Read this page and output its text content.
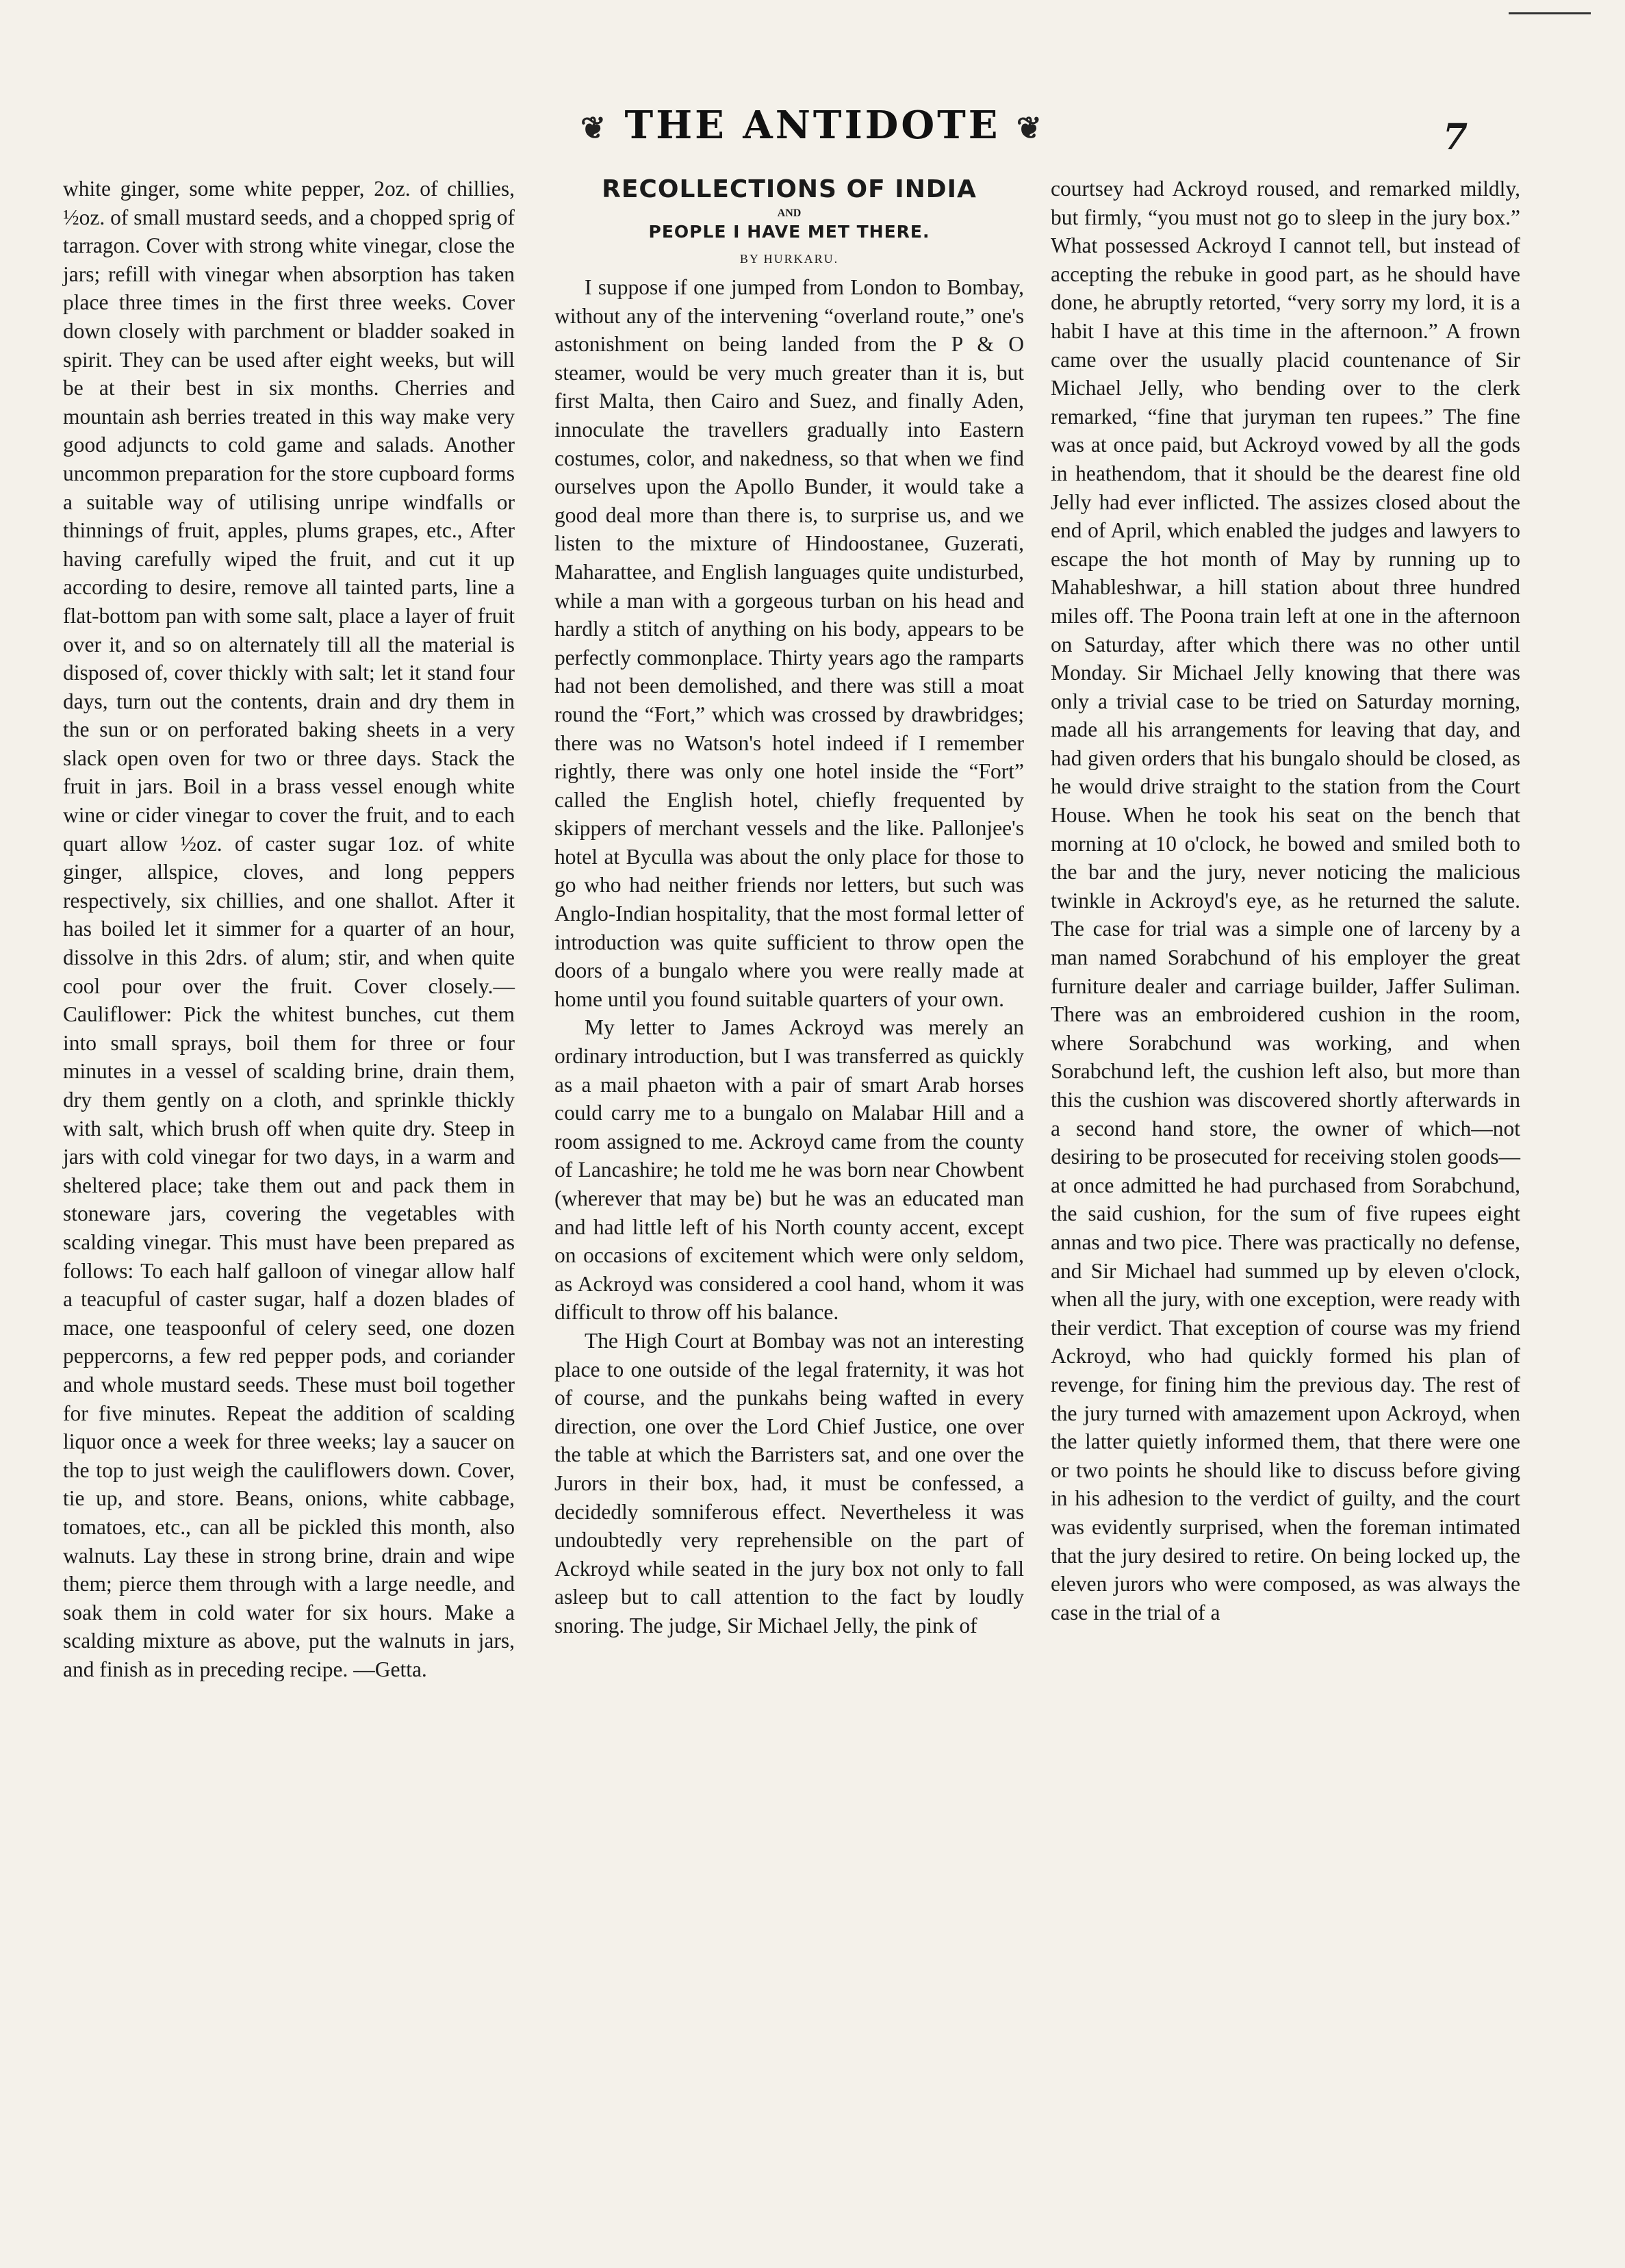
❦ THE ANTIDOTE ❦	7

white ginger, some white pepper, 2oz. of chillies, ½oz. of small mustard seeds, and a chopped sprig of tarragon. Cover with strong white vinegar, close the jars; refill with vinegar when absorption has taken place three times in the first three weeks. Cover down closely with parchment or bladder soaked in spirit. They can be used after eight weeks, but will be at their best in six months. Cherries and mountain ash berries treated in this way make very good adjuncts to cold game and salads. Another uncommon preparation for the store cupboard forms a suitable way of utilising unripe windfalls or thinnings of fruit, apples, plums grapes, etc., After having carefully wiped the fruit, and cut it up according to desire, remove all tainted parts, line a flat-bottom pan with some salt, place a layer of fruit over it, and so on alternately till all the material is disposed of, cover thickly with salt; let it stand four days, turn out the contents, drain and dry them in the sun or on perforated baking sheets in a very slack open oven for two or three days. Stack the fruit in jars. Boil in a brass vessel enough white wine or cider vinegar to cover the fruit, and to each quart allow ½oz. of caster sugar 1oz. of white ginger, allspice, cloves, and long peppers respectively, six chillies, and one shallot. After it has boiled let it simmer for a quarter of an hour, dissolve in this 2drs. of alum; stir, and when quite cool pour over the fruit. Cover closely.—Cauliflower: Pick the whitest bunches, cut them into small sprays, boil them for three or four minutes in a vessel of scalding brine, drain them, dry them gently on a cloth, and sprinkle thickly with salt, which brush off when quite dry. Steep in jars with cold vinegar for two days, in a warm and sheltered place; take them out and pack them in stoneware jars, covering the vegetables with scalding vinegar. This must have been prepared as follows: To each half galloon of vinegar allow half a teacupful of caster sugar, half a dozen blades of mace, one teaspoonful of celery seed, one dozen peppercorns, a few red pepper pods, and coriander and whole mustard seeds. These must boil together for five minutes. Repeat the addition of scalding liquor once a week for three weeks; lay a saucer on the top to just weigh the cauliflowers down. Cover, tie up, and store. Beans, onions, white cabbage, tomatoes, etc., can all be pickled this month, also walnuts. Lay these in strong brine, drain and wipe them; pierce them through with a large needle, and soak them in cold water for six hours. Make a scalding mixture as above, put the walnuts in jars, and finish as in preceding recipe. —Getta.

RECOLLECTIONS OF INDIA
AND
PEOPLE I HAVE MET THERE.
BY HURKARU.

I suppose if one jumped from London to Bombay, without any of the intervening “overland route,” one's astonishment on being landed from the P & O steamer, would be very much greater than it is, but first Malta, then Cairo and Suez, and finally Aden, innoculate the travellers gradually into Eastern costumes, color, and nakedness, so that when we find ourselves upon the Apollo Bunder, it would take a good deal more than there is, to surprise us, and we listen to the mixture of Hindoostanee, Guzerati, Maharattee, and English languages quite undisturbed, while a man with a gorgeous turban on his head and hardly a stitch of anything on his body, appears to be perfectly commonplace. Thirty years ago the ramparts had not been demolished, and there was still a moat round the “Fort,” which was crossed by drawbridges; there was no Watson's hotel indeed if I remember rightly, there was only one hotel inside the “Fort” called the English hotel, chiefly frequented by skippers of merchant vessels and the like. Pallonjee's hotel at Byculla was about the only place for those to go who had neither friends nor letters, but such was Anglo-Indian hospitality, that the most formal letter of introduction was quite sufficient to throw open the doors of a bungalo where you were really made at home until you found suitable quarters of your own.

My letter to James Ackroyd was merely an ordinary introduction, but I was transferred as quickly as a mail phaeton with a pair of smart Arab horses could carry me to a bungalo on Malabar Hill and a room assigned to me. Ackroyd came from the county of Lancashire; he told me he was born near Chowbent (wherever that may be) but he was an educated man and had little left of his North county accent, except on occasions of excitement which were only seldom, as Ackroyd was considered a cool hand, whom it was difficult to throw off his balance.

The High Court at Bombay was not an interesting place to one outside of the legal fraternity, it was hot of course, and the punkahs being wafted in every direction, one over the Lord Chief Justice, one over the table at which the Barristers sat, and one over the Jurors in their box, had, it must be confessed, a decidedly somniferous effect. Nevertheless it was undoubtedly very reprehensible on the part of Ackroyd while seated in the jury box not only to fall asleep but to call attention to the fact by loudly snoring. The judge, Sir Michael Jelly, the pink of

courtsey had Ackroyd roused, and remarked mildly, but firmly, “you must not go to sleep in the jury box.” What possessed Ackroyd I cannot tell, but instead of accepting the rebuke in good part, as he should have done, he abruptly retorted, “very sorry my lord, it is a habit I have at this time in the afternoon.” A frown came over the usually placid countenance of Sir Michael Jelly, who bending over to the clerk remarked, “fine that juryman ten rupees.” The fine was at once paid, but Ackroyd vowed by all the gods in heathendom, that it should be the dearest fine old Jelly had ever inflicted. The assizes closed about the end of April, which enabled the judges and lawyers to escape the hot month of May by running up to Mahableshwar, a hill station about three hundred miles off. The Poona train left at one in the afternoon on Saturday, after which there was no other until Monday. Sir Michael Jelly knowing that there was only a trivial case to be tried on Saturday morning, made all his arrangements for leaving that day, and had given orders that his bungalo should be closed, as he would drive straight to the station from the Court House. When he took his seat on the bench that morning at 10 o'clock, he bowed and smiled both to the bar and the jury, never noticing the malicious twinkle in Ackroyd's eye, as he returned the salute. The case for trial was a simple one of larceny by a man named Sorabchund of his employer the great furniture dealer and carriage builder, Jaffer Suliman. There was an embroidered cushion in the room, where Sorabchund was working, and when Sorabchund left, the cushion left also, but more than this the cushion was discovered shortly afterwards in a second hand store, the owner of which—not desiring to be prosecuted for receiving stolen goods—at once admitted he had purchased from Sorabchund, the said cushion, for the sum of five rupees eight annas and two pice. There was practically no defense, and Sir Michael had summed up by eleven o'clock, when all the jury, with one exception, were ready with their verdict. That exception of course was my friend Ackroyd, who had quickly formed his plan of revenge, for fining him the previous day. The rest of the jury turned with amazement upon Ackroyd, when the latter quietly informed them, that there were one or two points he should like to discuss before giving in his adhesion to the verdict of guilty, and the court was evidently surprised, when the foreman intimated that the jury desired to retire. On being locked up, the eleven jurors who were composed, as was always the case in the trial of a
